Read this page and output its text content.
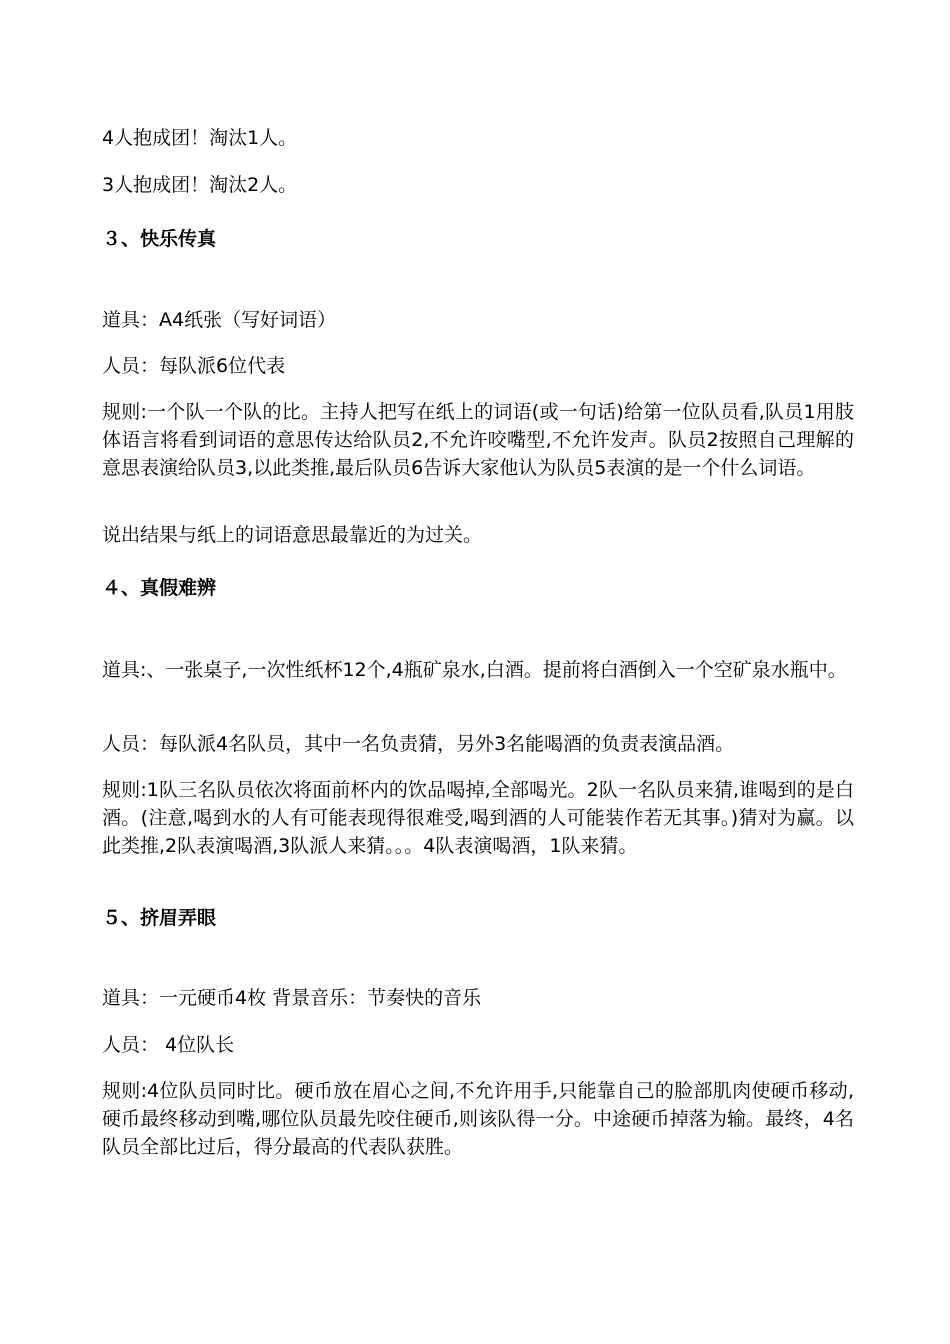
4人抱成团！淘汰1人。

3人抱成团！淘汰2人。

３、快乐传真

道具：A4纸张（写好词语）

人员：每队派6位代表

规则:一个队一个队的比。主持人把写在纸上的词语(或一句话)给第一位队员看,队员1用肢体语言将看到词语的意思传达给队员2,不允许咬嘴型,不允许发声。队员2按照自己理解的意思表演给队员3,以此类推,最后队员6告诉大家他认为队员5表演的是一个什么词语。

说出结果与纸上的词语意思最靠近的为过关。

４、真假难辨

道具:、一张桌子,一次性纸杯12个,4瓶矿泉水,白酒。提前将白酒倒入一个空矿泉水瓶中。

人员：每队派4名队员，其中一名负责猜，另外3名能喝酒的负责表演品酒。

规则:1队三名队员依次将面前杯内的饮品喝掉,全部喝光。2队一名队员来猜,谁喝到的是白酒。(注意,喝到水的人有可能表现得很难受,喝到酒的人可能装作若无其事。)猜对为赢。以此类推,2队表演喝酒,3队派人来猜。。。4队表演喝酒，1队来猜。

５、挤眉弄眼

道具：一元硬币4枚 背景音乐：节奏快的音乐

人员： 4位队长

规则:4位队员同时比。硬币放在眉心之间,不允许用手,只能靠自己的脸部肌肉使硬币移动,硬币最终移动到嘴,哪位队员最先咬住硬币,则该队得一分。中途硬币掉落为输。最终，4名队员全部比过后，得分最高的代表队获胜。
